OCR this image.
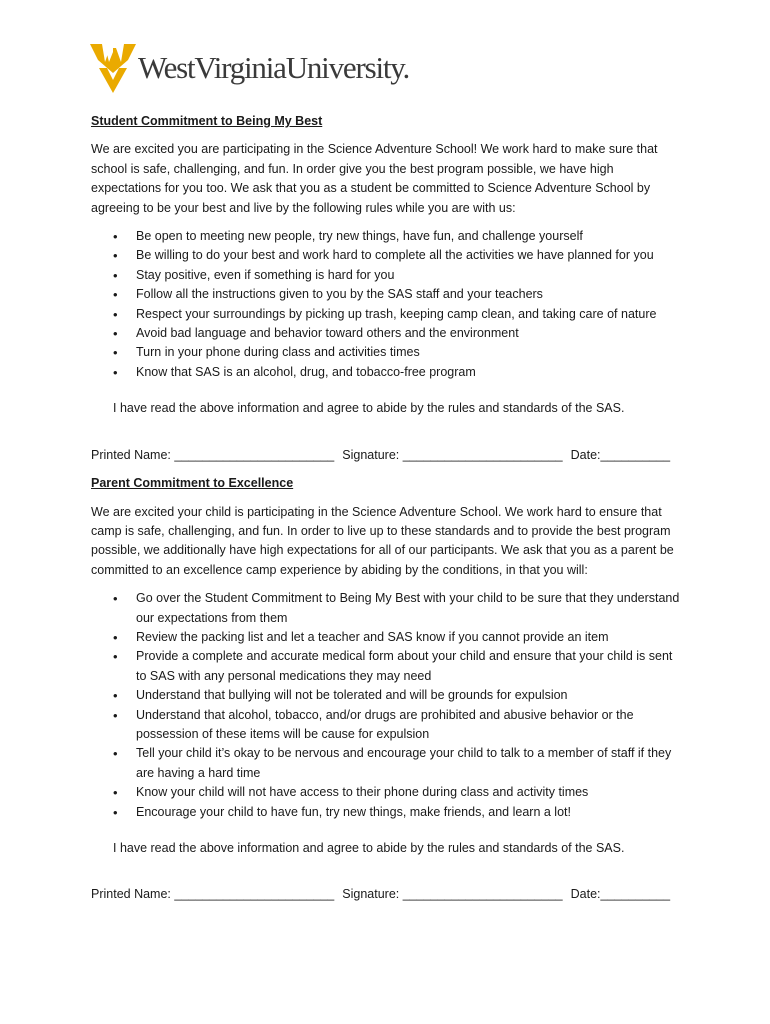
WestVirginiaUniversity.

Student Commitment to Being My Best

We are excited you are participating in the Science Adventure School! We work hard to make sure that school is safe, challenging, and fun. In order give you the best program possible, we have high expectations for you too. We ask that you as a student be committed to Science Adventure School by agreeing to be your best and live by the following rules while you are with us:

• Be open to meeting new people, try new things, have fun, and challenge yourself
• Be willing to do your best and work hard to complete all the activities we have planned for you
• Stay positive, even if something is hard for you
• Follow all the instructions given to you by the SAS staff and your teachers
• Respect your surroundings by picking up trash, keeping camp clean, and taking care of nature
• Avoid bad language and behavior toward others and the environment
• Turn in your phone during class and activities times
• Know that SAS is an alcohol, drug, and tobacco-free program

I have read the above information and agree to abide by the rules and standards of the SAS.

Printed Name: _______________________ Signature: _______________________ Date:__________

Parent Commitment to Excellence

We are excited your child is participating in the Science Adventure School. We work hard to ensure that camp is safe, challenging, and fun. In order to live up to these standards and to provide the best program possible, we additionally have high expectations for all of our participants. We ask that you as a parent be committed to an excellence camp experience by abiding by the conditions, in that you will:

• Go over the Student Commitment to Being My Best with your child to be sure that they understand our expectations from them
• Review the packing list and let a teacher and SAS know if you cannot provide an item
• Provide a complete and accurate medical form about your child and ensure that your child is sent to SAS with any personal medications they may need
• Understand that bullying will not be tolerated and will be grounds for expulsion
• Understand that alcohol, tobacco, and/or drugs are prohibited and abusive behavior or the possession of these items will be cause for expulsion
• Tell your child it’s okay to be nervous and encourage your child to talk to a member of staff if they are having a hard time
• Know your child will not have access to their phone during class and activity times
• Encourage your child to have fun, try new things, make friends, and learn a lot!

I have read the above information and agree to abide by the rules and standards of the SAS.

Printed Name: _______________________ Signature: _______________________ Date:__________
